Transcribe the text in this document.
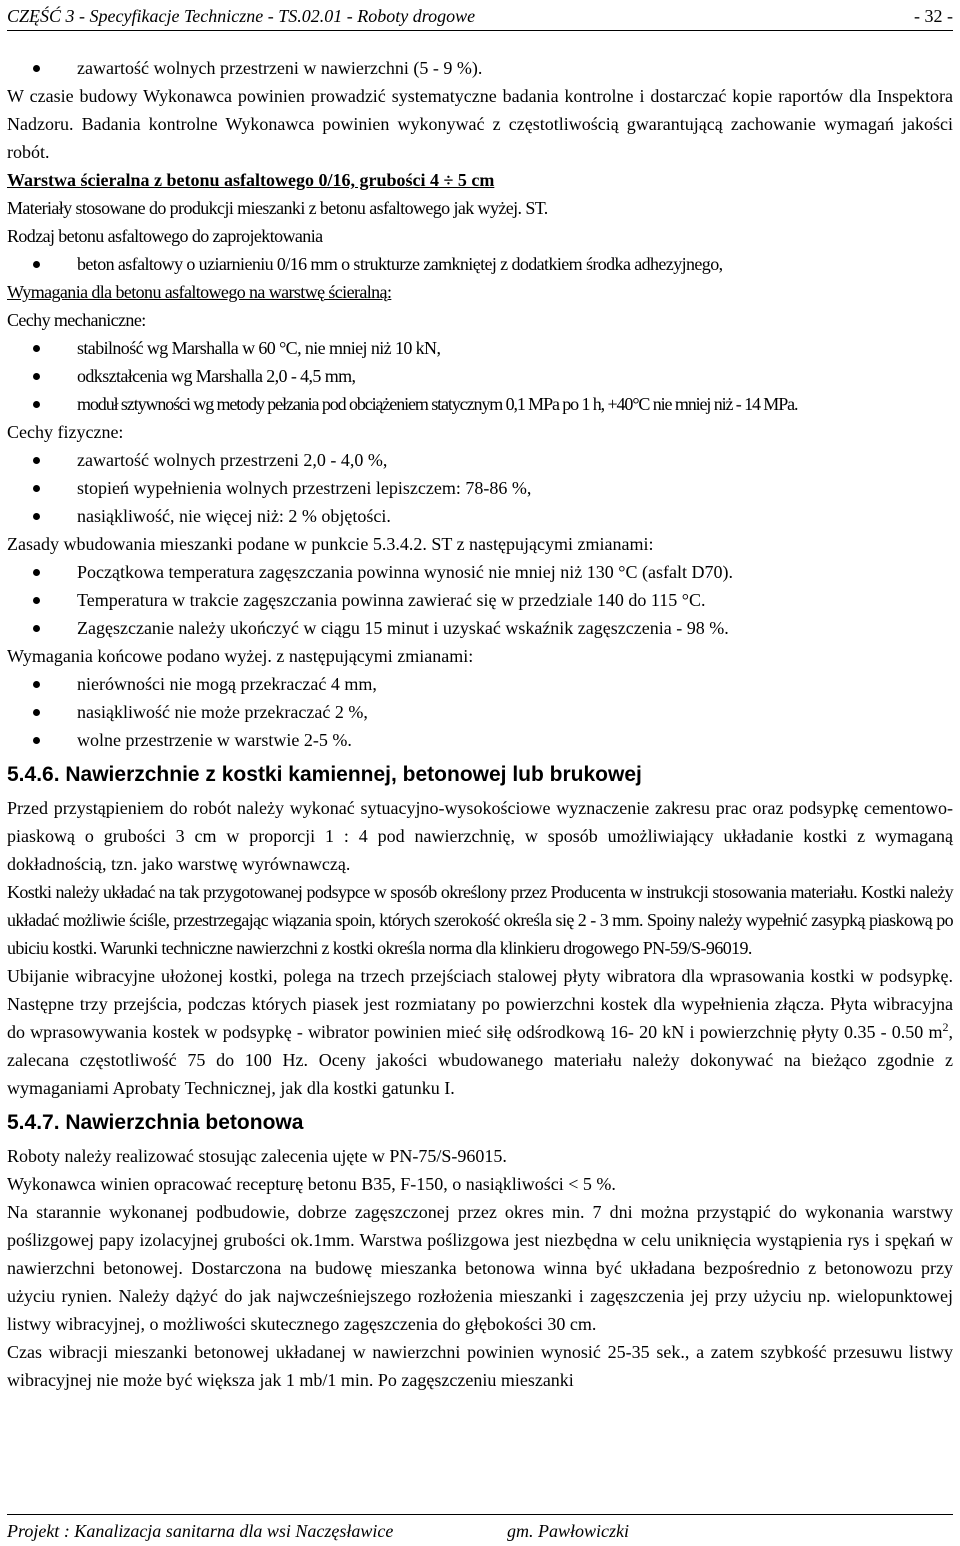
CZĘŚĆ 3 - Specyfikacje Techniczne - TS.02.01 - Roboty drogowe	- 32 -
zawartość wolnych przestrzeni w nawierzchni (5 - 9 %).

W czasie budowy Wykonawca powinien prowadzić systematyczne badania kontrolne i dostarczać kopie raportów dla Inspektora Nadzoru. Badania kontrolne Wykonawca powinien wykonywać z częstotliwością gwarantującą zachowanie wymagań jakości robót.

Warstwa ścieralna z betonu asfaltowego 0/16, grubości 4 ÷ 5 cm

Materiały stosowane do produkcji mieszanki z betonu asfaltowego jak wyżej. ST.

Rodzaj betonu asfaltowego do zaprojektowania

beton asfaltowy o uziarnieniu 0/16 mm o strukturze zamkniętej z dodatkiem środka adhezyjnego,

Wymagania dla betonu asfaltowego na warstwę ścieralną:

Cechy mechaniczne:

stabilność wg Marshalla w 60 °C, nie mniej niż 10 kN,
odkształcenia wg Marshalla 2,0 - 4,5 mm,
moduł sztywności wg metody pełzania pod obciążeniem statycznym 0,1 MPa po 1 h, +40°C nie mniej niż - 14 MPa.

Cechy fizyczne:

zawartość wolnych przestrzeni 2,0 - 4,0 %,
stopień wypełnienia wolnych przestrzeni lepiszczem: 78-86 %,
nasiąkliwość, nie więcej niż: 2 % objętości.

Zasady wbudowania mieszanki podane w punkcie 5.3.4.2. ST z następującymi zmianami:

Początkowa temperatura zagęszczania powinna wynosić nie mniej niż 130 °C (asfalt D70).
Temperatura w trakcie zagęszczania powinna zawierać się w przedziale 140 do 115 °C.
Zagęszczanie należy ukończyć w ciągu 15 minut i uzyskać wskaźnik zagęszczenia - 98 %.

Wymagania końcowe podano wyżej. z następującymi zmianami:

nierówności nie mogą przekraczać 4 mm,
nasiąkliwość nie może przekraczać 2 %,
wolne przestrzenie w warstwie 2-5 %.
5.4.6. Nawierzchnie z kostki kamiennej, betonowej lub brukowej

Przed przystąpieniem do robót należy wykonać sytuacyjno-wysokościowe wyznaczenie zakresu prac oraz podsypkę cementowo-piaskową o grubości 3 cm w proporcji 1 : 4 pod nawierzchnię, w sposób umożliwiający układanie kostki z wymaganą dokładnością, tzn. jako warstwę wyrównawczą.

Kostki należy układać na tak przygotowanej podsypce w sposób określony przez Producenta w instrukcji stosowania materiału. Kostki należy układać możliwie ściśle, przestrzegając wiązania spoin, których szerokość określa się 2 - 3 mm. Spoiny należy wypełnić zasypką piaskową po ubiciu kostki. Warunki techniczne nawierzchni z kostki określa norma dla klinkieru drogowego PN-59/S-96019.

Ubijanie wibracyjne ułożonej kostki, polega na trzech przejściach stalowej płyty wibratora dla wprasowania kostki w podsypkę. Następne trzy przejścia, podczas których piasek jest rozmiatany po powierzchni kostek dla wypełnienia złącza. Płyta wibracyjna do wprasowywania kostek w podsypkę - wibrator powinien mieć siłę odśrodkową 16- 20 kN i powierzchnię płyty 0.35 - 0.50 $m^2$, zalecana częstotliwość 75 do 100 Hz. Oceny jakości wbudowanego materiału należy dokonywać na bieżąco zgodnie z wymaganiami Aprobaty Technicznej, jak dla kostki gatunku I.

5.4.7. Nawierzchnia betonowa

Roboty należy realizować stosując zalecenia ujęte w PN-75/S-96015.

Wykonawca winien opracować recepturę betonu B35, F-150, o nasiąkliwości < 5 %.

Na starannie wykonanej podbudowie, dobrze zagęszczonej przez okres min. 7 dni można przystąpić do wykonania warstwy poślizgowej papy izolacyjnej grubości ok.1mm. Warstwa poślizgowa jest niezbędna w celu uniknięcia wystąpienia rys i spękań w nawierzchni betonowej. Dostarczona na budowę mieszanka betonowa winna być układana bezpośrednio z betonowozu przy użyciu rynien. Należy dążyć do jak najwcześniejszego rozłożenia mieszanki i zagęszczenia jej przy użyciu np. wielopunktowej listwy wibracyjnej, o możliwości skutecznego zagęszczenia do głębokości 30 cm.

Czas wibracji mieszanki betonowej układanej w nawierzchni powinien wynosić 25-35 sek., a zatem szybkość przesuwu listwy wibracyjnej nie może być większa jak 1 mb/1 min. Po zagęszczeniu mieszanki

Projekt : Kanalizacja sanitarna dla wsi Naczęsławice	gm. Pawłowiczki
